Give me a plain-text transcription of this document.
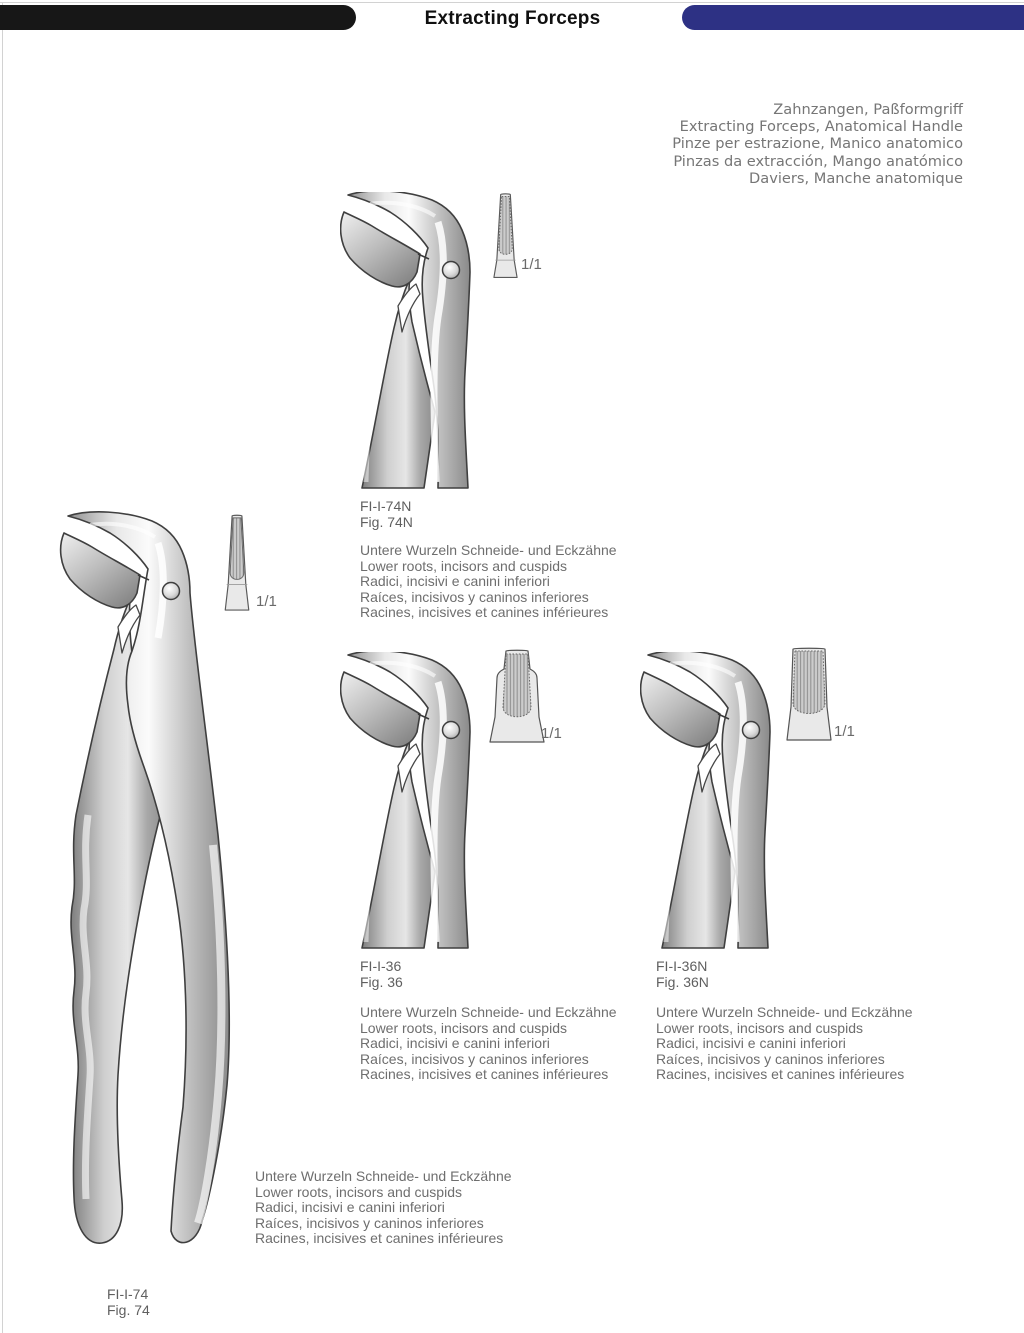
Extracting Forceps
Zahnzangen, Paßformgriff
Extracting Forceps, Anatomical Handle
Pinze per estrazione, Manico anatomico
Pinzas da extracción, Mango anatómico
Daviers, Manche anatomique
1/1
FI-I-74N
Fig. 74N
Untere Wurzeln Schneide- und Eckzähne
Lower roots, incisors and cuspids
Radici, incisivi e canini inferiori
Raíces, incisivos y caninos inferiores
Racines, incisives et canines inférieures
1/1
Untere Wurzeln Schneide- und Eckzähne
Lower roots, incisors and cuspids
Radici, incisivi e canini inferiori
Raíces, incisivos y caninos inferiores
Racines, incisives et canines inférieures
FI-I-74
Fig. 74
1/1
FI-I-36
Fig. 36
Untere Wurzeln Schneide- und Eckzähne
Lower roots, incisors and cuspids
Radici, incisivi e canini inferiori
Raíces, incisivos y caninos inferiores
Racines, incisives et canines inférieures
1/1
FI-I-36N
Fig. 36N
Untere Wurzeln Schneide- und Eckzähne
Lower roots, incisors and cuspids
Radici, incisivi e canini inferiori
Raíces, incisivos y caninos inferiores
Racines, incisives et canines inférieures
